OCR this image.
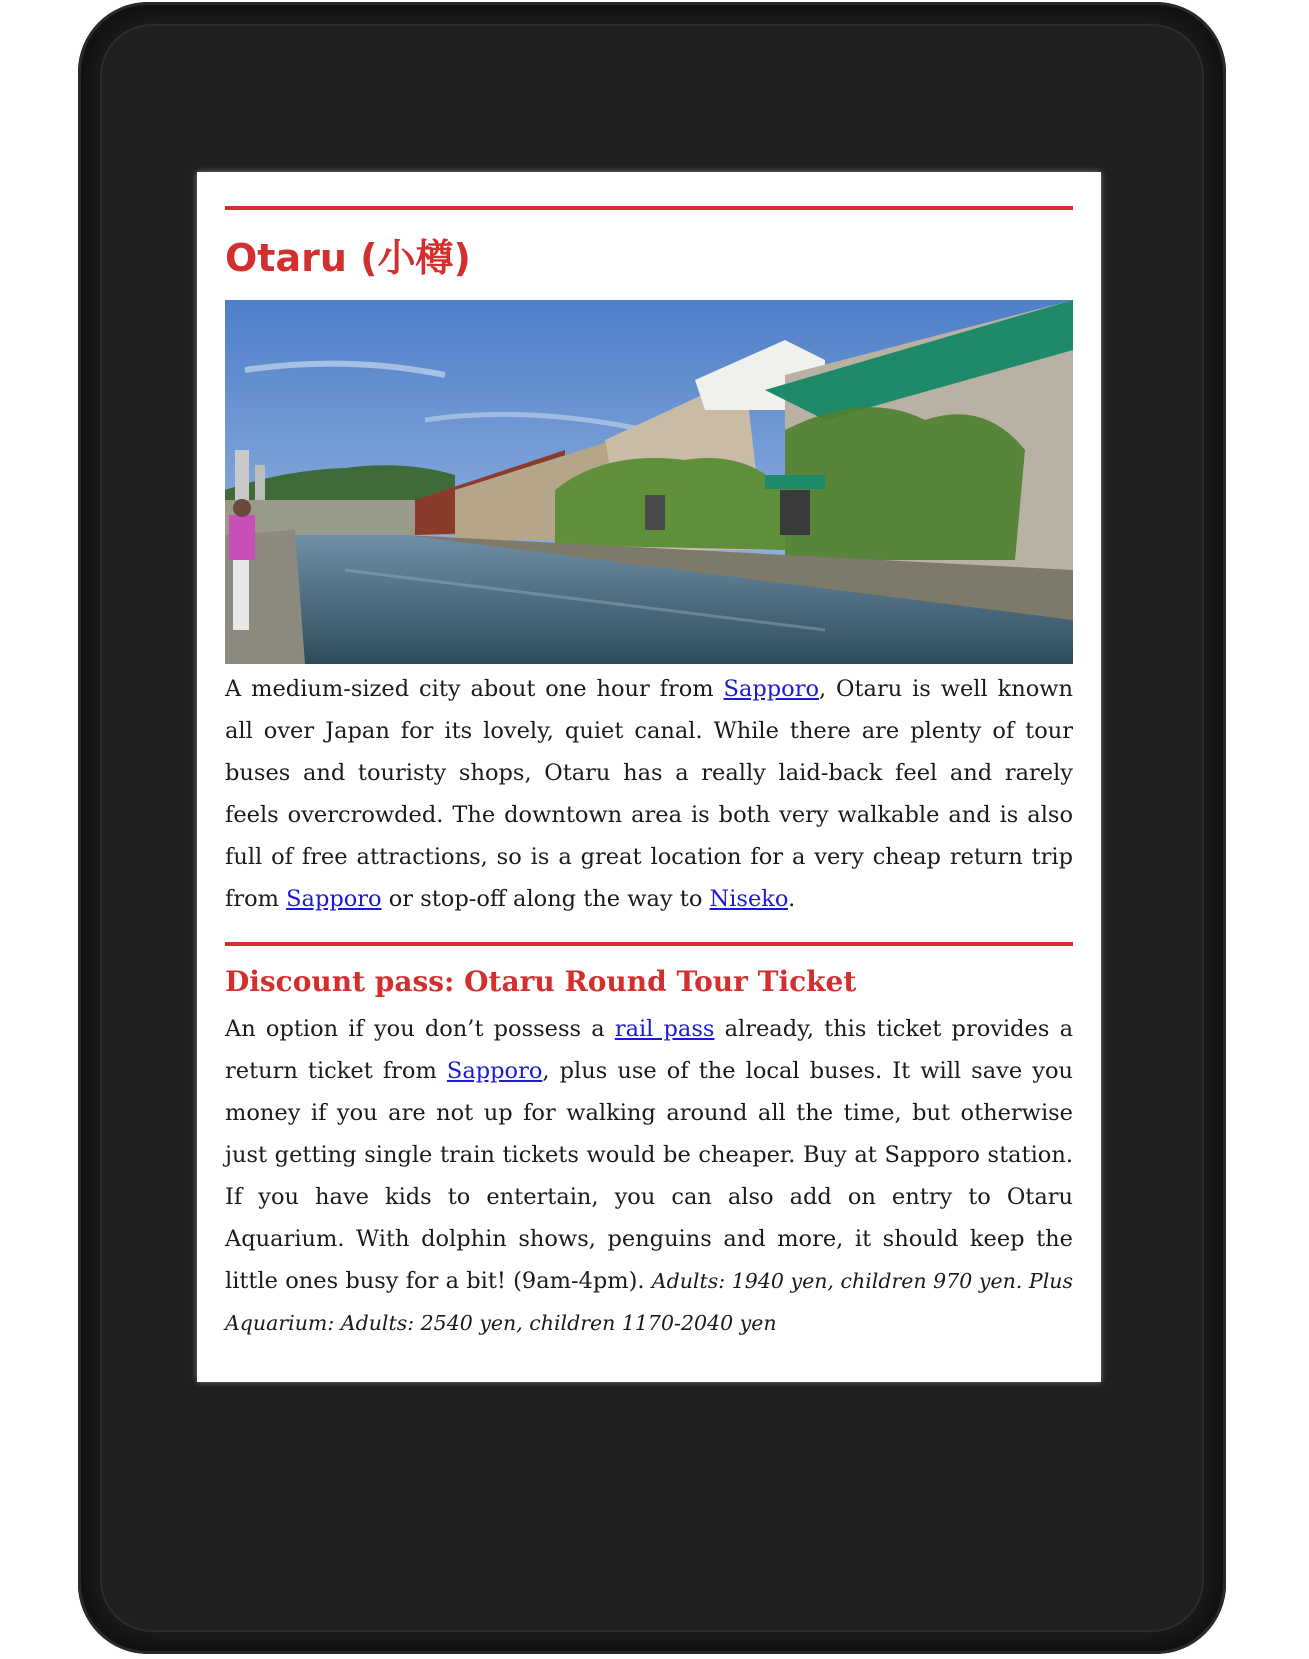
Otaru (小樽)

A medium-sized city about one hour from Sapporo, Otaru is well known all over Japan for its lovely, quiet canal. While there are plenty of tour buses and touristy shops, Otaru has a really laid-back feel and rarely feels overcrowded. The downtown area is both very walkable and is also full of free attractions, so is a great location for a very cheap return trip from Sapporo or stop-off along the way to Niseko.

Discount pass: Otaru Round Tour Ticket

An option if you don’t possess a rail pass already, this ticket provides a return ticket from Sapporo, plus use of the local buses. It will save you money if you are not up for walking around all the time, but otherwise just getting single train tickets would be cheaper. Buy at Sapporo station. If you have kids to entertain, you can also add on entry to Otaru Aquarium. With dolphin shows, penguins and more, it should keep the little ones busy for a bit! (9am-4pm). Adults: 1940 yen, children 970 yen. Plus Aquarium: Adults: 2540 yen, children 1170-2040 yen
